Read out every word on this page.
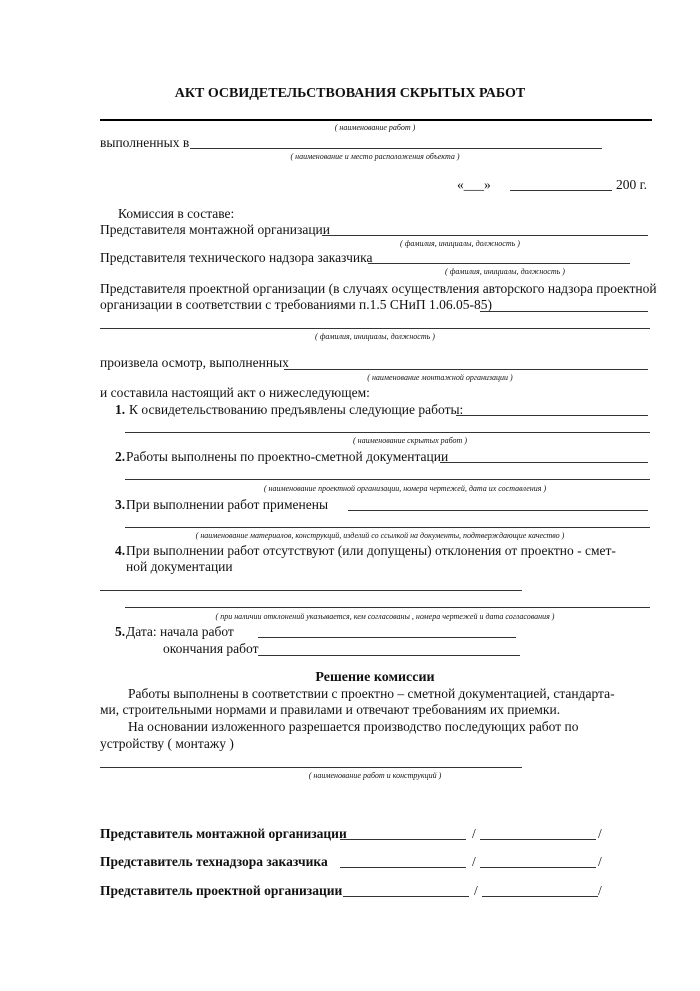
АКТ ОСВИДЕТЕЛЬСТВОВАНИЯ СКРЫТЫХ РАБОТ
( наименование работ )
выполненных в
( наименование и место расположения объекта )
«___»	200 г.
Комиссия в составе:
Представителя монтажной организации
( фамилия, инициалы, должность )
Представителя технического надзора заказчика
( фамилия, инициалы, должность )
Представителя проектной организации (в случаях осуществления авторского надзора проектной
организации в соответствии с требованиями п.1.5 СНиП 1.06.05-85)
( фамилия, инициалы, должность )
произвела осмотр, выполненных
( наименование монтажной организации )
и составила настоящий акт о нижеследующем:
1. К освидетельствованию предъявлены следующие работы:
( наименование скрытых работ )
2. Работы выполнены по проектно-сметной документации
( наименование проектной организации, номера чертежей, дата их составления )
3. При выполнении работ применены
( наименование материалов, конструкций, изделий со ссылкой на документы, подтверждающие качество )
4. При выполнении работ отсутствуют (или допущены) отклонения от проектно - смет-
ной документации
( при наличии отклонений указывается, кем согласованы , номера чертежей и дата согласования )
5. Дата: начала работ
окончания работ
Решение комиссии
Работы выполнены в соответствии с проектно – сметной документацией, стандарта-
ми, строительными нормами и правилами и отвечают требованиям их приемки.
На основании изложенного разрешается производство последующих работ по
устройству ( монтажу )
( наименование работ и конструкций )
Представитель монтажной организации	/	/
Представитель технадзора заказчика	/	/
Представитель проектной организации	/	/
